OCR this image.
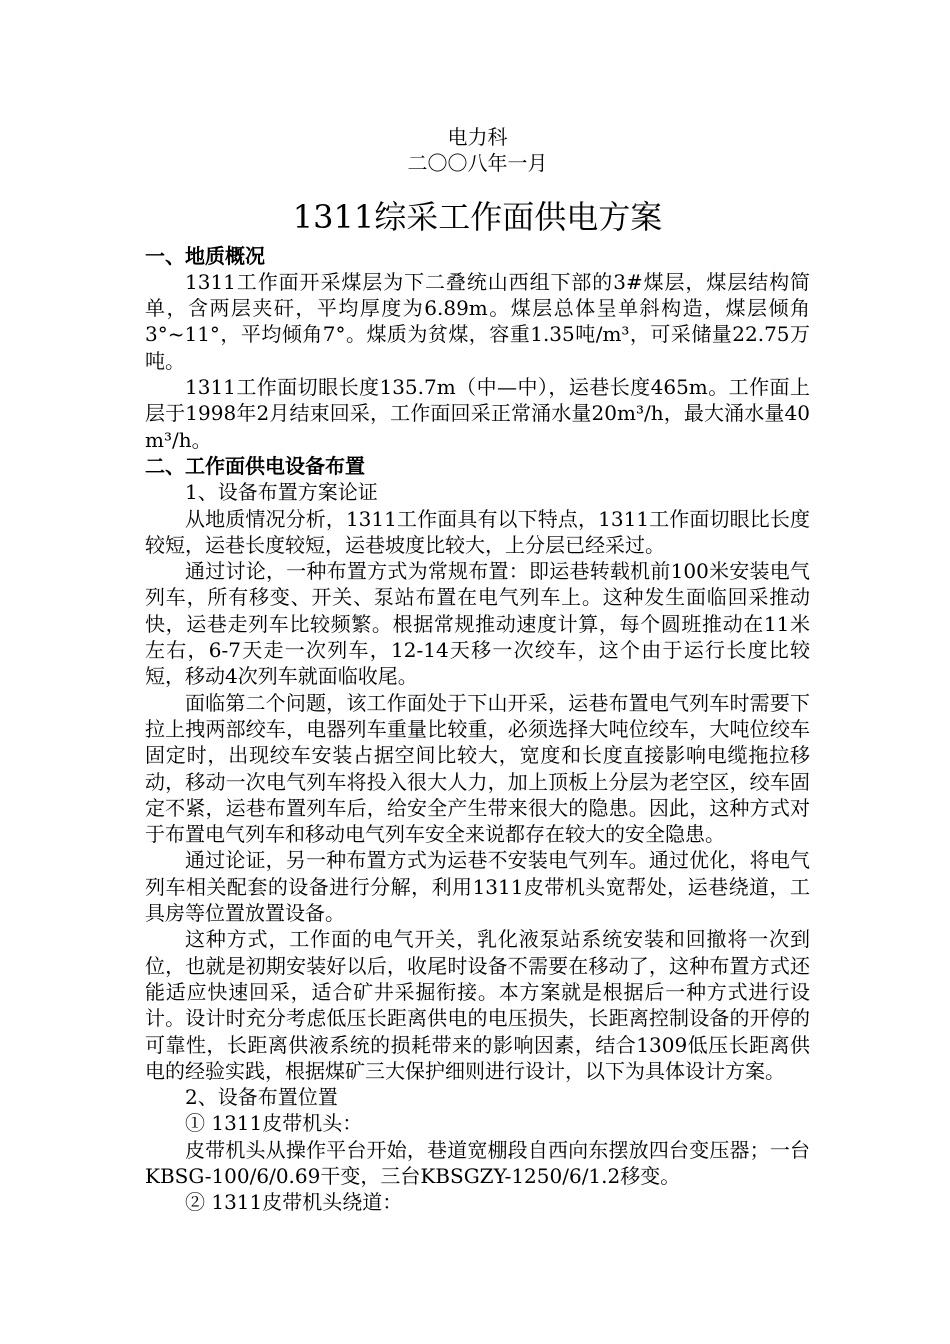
电力科
二〇〇八年一月
1311综采工作面供电方案
一、地质概况

1311工作面开采煤层为下二叠统山西组下部的3#煤层，煤层结构简单，含两层夹矸，平均厚度为6.89m。煤层总体呈单斜构造，煤层倾角3°~11°，平均倾角7°。煤质为贫煤，容重1.35吨/m³，可采储量22.75万吨。

1311工作面切眼长度135.7m（中—中），运巷长度465m。工作面上层于1998年2月结束回采，工作面回采正常涌水量20m³/h，最大涌水量40 m³/h。

二、工作面供电设备布置

1、设备布置方案论证

从地质情况分析，1311工作面具有以下特点，1311工作面切眼比长度较短，运巷长度较短，运巷坡度比较大，上分层已经采过。

通过讨论，一种布置方式为常规布置：即运巷转载机前100米安装电气列车，所有移变、开关、泵站布置在电气列车上。这种发生面临回采推动快，运巷走列车比较频繁。根据常规推动速度计算，每个圆班推动在11米左右，6-7天走一次列车，12-14天移一次绞车，这个由于运行长度比较短，移动4次列车就面临收尾。

面临第二个问题，该工作面处于下山开采，运巷布置电气列车时需要下拉上拽两部绞车，电器列车重量比较重，必须选择大吨位绞车，大吨位绞车固定时，出现绞车安装占据空间比较大，宽度和长度直接影响电缆拖拉移动，移动一次电气列车将投入很大人力，加上顶板上分层为老空区，绞车固定不紧，运巷布置列车后，给安全产生带来很大的隐患。因此，这种方式对于布置电气列车和移动电气列车安全来说都存在较大的安全隐患。

通过论证，另一种布置方式为运巷不安装电气列车。通过优化，将电气列车相关配套的设备进行分解，利用1311皮带机头宽帮处，运巷绕道，工具房等位置放置设备。

这种方式，工作面的电气开关，乳化液泵站系统安装和回撤将一次到位，也就是初期安装好以后，收尾时设备不需要在移动了，这种布置方式还能适应快速回采，适合矿井采掘衔接。本方案就是根据后一种方式进行设计。设计时充分考虑低压长距离供电的电压损失，长距离控制设备的开停的可靠性，长距离供液系统的损耗带来的影响因素，结合1309低压长距离供电的经验实践，根据煤矿三大保护细则进行设计，以下为具体设计方案。

2、设备布置位置

① 1311皮带机头：

皮带机头从操作平台开始，巷道宽棚段自西向东摆放四台变压器；一台KBSG-100/6/0.69干变，三台KBSGZY-1250/6/1.2移变。

② 1311皮带机头绕道：
